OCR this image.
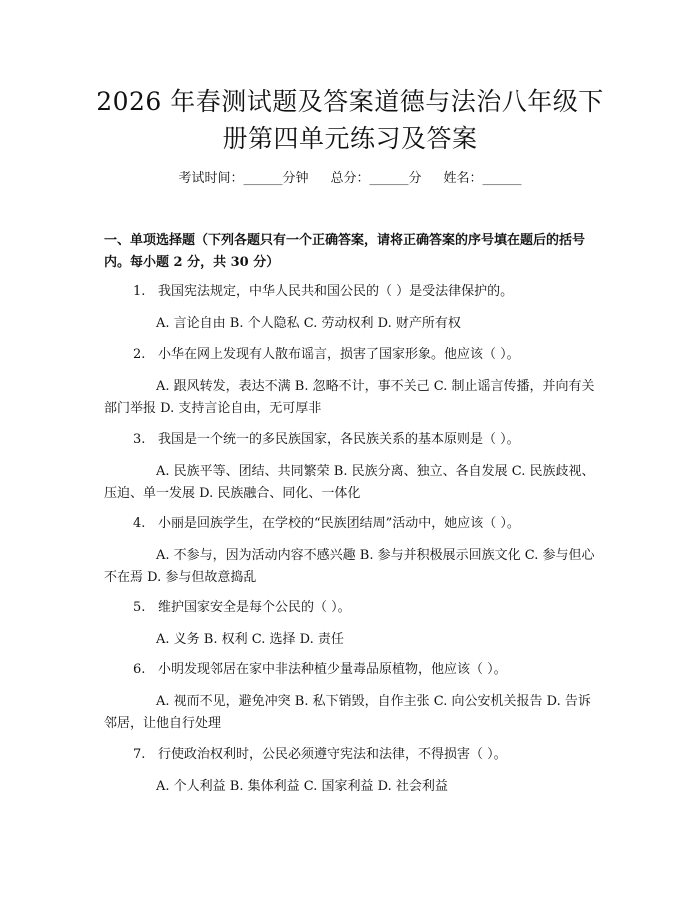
2026 年春测试题及答案道德与法治八年级下
册第四单元练习及答案
考试时间：______分钟 总分：______分 姓名：______
一、单项选择题（下列各题只有一个正确答案，请将正确答案的序号填在题后的括号内。每小题 2 分，共 30 分）
1. 我国宪法规定，中华人民共和国公民的（ ）是受法律保护的。
A. 言论自由 B. 个人隐私 C. 劳动权利 D. 财产所有权
2. 小华在网上发现有人散布谣言，损害了国家形象。他应该（ ）。
A. 跟风转发，表达不满 B. 忽略不计，事不关己 C. 制止谣言传播，并向有关部门举报 D. 支持言论自由，无可厚非
3. 我国是一个统一的多民族国家，各民族关系的基本原则是（ ）。
A. 民族平等、团结、共同繁荣 B. 民族分离、独立、各自发展 C. 民族歧视、压迫、单一发展 D. 民族融合、同化、一体化
4. 小丽是回族学生，在学校的“民族团结周”活动中，她应该（ ）。
A. 不参与，因为活动内容不感兴趣 B. 参与并积极展示回族文化 C. 参与但心不在焉 D. 参与但故意捣乱
5. 维护国家安全是每个公民的（ ）。
A. 义务 B. 权利 C. 选择 D. 责任
6. 小明发现邻居在家中非法种植少量毒品原植物，他应该（ ）。
A. 视而不见，避免冲突 B. 私下销毁，自作主张 C. 向公安机关报告 D. 告诉邻居，让他自行处理
7. 行使政治权利时，公民必须遵守宪法和法律，不得损害（ ）。
A. 个人利益 B. 集体利益 C. 国家利益 D. 社会利益
